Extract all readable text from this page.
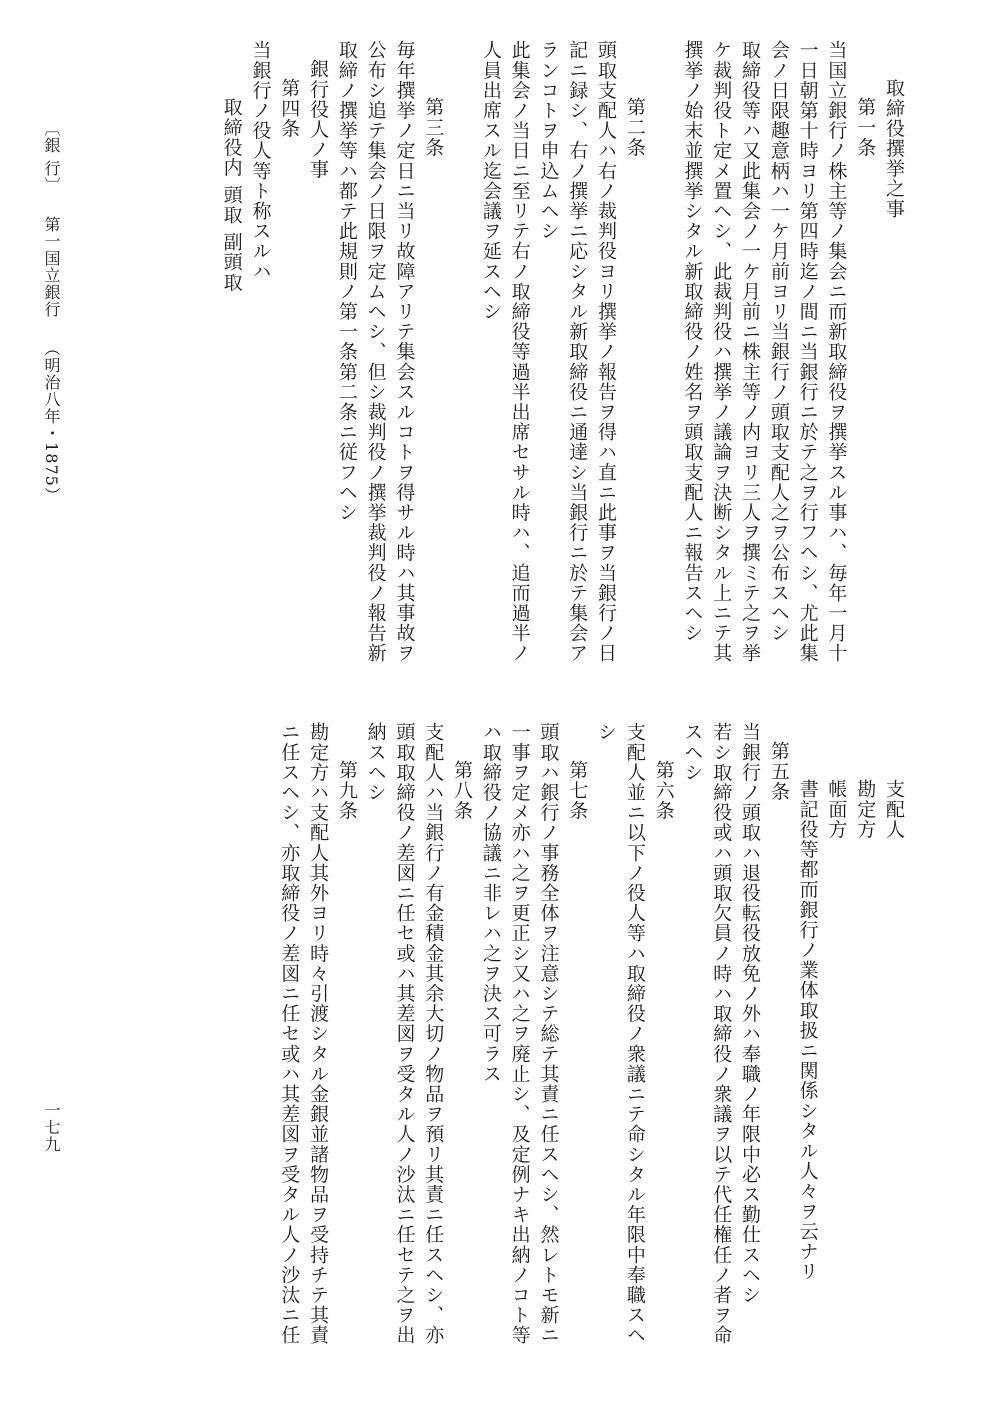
取締役撰挙之事
第一条
当国立銀行ノ株主等ノ集会ニ而新取締役ヲ撰挙スル事ハ、毎年一月十
一日朝第十時ヨリ第四時迄ノ間ニ当銀行ニ於テ之ヲ行フヘシ、尤此集
会ノ日限趣意柄ハ一ケ月前ヨリ当銀行ノ頭取支配人之ヲ公布スヘシ
取締役等ハ又此集会ノ一ケ月前ニ株主等ノ内ヨリ三人ヲ撰ミテ之ヲ挙
ケ裁判役ト定メ置ヘシ、此裁判役ハ撰挙ノ議論ヲ決断シタル上ニテ其
撰挙ノ始末並撰挙シタル新取締役ノ姓名ヲ頭取支配人ニ報告スヘシ
第二条
頭取支配人ハ右ノ裁判役ヨリ撰挙ノ報告ヲ得ハ直ニ此事ヲ当銀行ノ日
記ニ録シ、右ノ撰挙ニ応シタル新取締役ニ通達シ当銀行ニ於テ集会ア
ランコトヲ申込ムヘシ
此集会ノ当日ニ至リテ右ノ取締役等過半出席セサル時ハ、追而過半ノ
人員出席スル迄会議ヲ延スヘシ
第三条
毎年撰挙ノ定日ニ当リ故障アリテ集会スルコトヲ得サル時ハ其事故ヲ
公布シ追テ集会ノ日限ヲ定ムヘシ、但シ裁判役ノ撰挙裁判役ノ報告新
取締ノ撰挙等ハ都テ此規則ノ第一条第二条ニ従フヘシ
銀行役人ノ事
第四条
当銀行ノ役人等ト称スルハ
取締役内 頭取 副頭取
支配人
勘定方
帳面方
書記役等都而銀行ノ業体取扱ニ関係シタル人々ヲ云ナリ
第五条
当銀行ノ頭取ハ退役転役放免ノ外ハ奉職ノ年限中必ス勤仕スヘシ
若シ取締役或ハ頭取欠員ノ時ハ取締役ノ衆議ヲ以テ代任権任ノ者ヲ命
スヘシ
第六条
支配人並ニ以下ノ役人等ハ取締役ノ衆議ニテ命シタル年限中奉職スヘ
シ
第七条
頭取ハ銀行ノ事務全体ヲ注意シテ総テ其責ニ任スヘシ、然レトモ新ニ
一事ヲ定メ亦ハ之ヲ更正シ又ハ之ヲ廃止シ、及定例ナキ出納ノコト等
ハ取締役ノ協議ニ非レハ之ヲ決ス可ラス
第八条
支配人ハ当銀行ノ有金積金其余大切ノ物品ヲ預リ其責ニ任スヘシ、亦
頭取取締役ノ差図ニ任セ或ハ其差図ヲ受タル人ノ沙汰ニ任セテ之ヲ出
納スヘシ
第九条
勘定方ハ支配人其外ヨリ時々引渡シタル金銀並諸物品ヲ受持チテ其責
ニ任スヘシ、亦取締役ノ差図ニ任セ或ハ其差図ヲ受タル人ノ沙汰ニ任
〔銀 行〕第一国立銀行（明治八年・1875）
一七九
